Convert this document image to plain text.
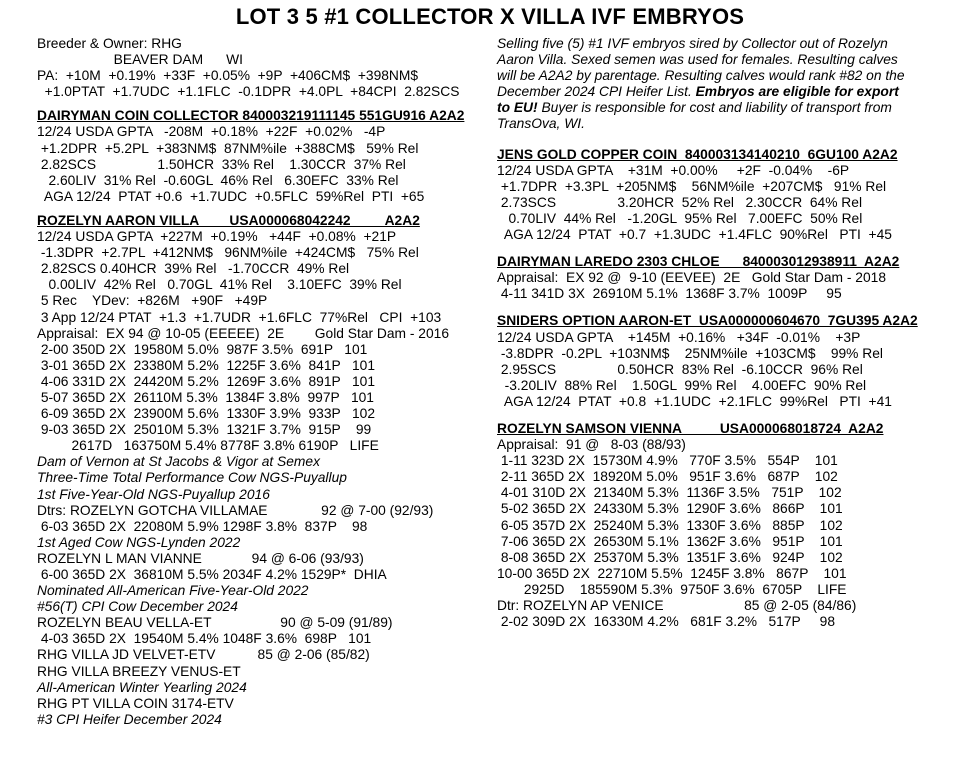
LOT 3 5 #1 COLLECTOR X VILLA IVF EMBRYOS
Breeder & Owner: RHG
BEAVER DAM      WI
PA:  +10M  +0.19%  +33F  +0.05%  +9P  +406CM$  +398NM$
+1.0PTAT  +1.7UDC  +1.1FLC  -0.1DPR  +4.0PL  +84CPI  2.82SCS
DAIRYMAN COIN COLLECTOR 840003219111145 551GU916 A2A2
12/24 USDA GPTA   -208M  +0.18%  +22F  +0.02%   -4P
+1.2DPR  +5.2PL  +383NM$  87NM%ile  +388CM$   59% Rel
2.82SCS                1.50HCR  33% Rel    1.30CCR  37% Rel
2.60LIV  31% Rel  -0.60GL  46% Rel   6.30EFC  33% Rel
AGA 12/24  PTAT +0.6  +1.7UDC  +0.5FLC  59%Rel  PTI  +65
ROZELYN AARON VILLA        USA000068042242         A2A2
12/24 USDA GPTA  +227M  +0.19%   +44F  +0.08%  +21P
-1.3DPR  +2.7PL  +412NM$   96NM%ile  +424CM$   75% Rel
2.82SCS 0.40HCR  39% Rel   -1.70CCR  49% Rel
0.00LIV  42% Rel   0.70GL  41% Rel    3.10EFC  39% Rel
5 Rec    YDev:  +826M   +90F   +49P
3 App 12/24 PTAT  +1.3  +1.7UDR  +1.6FLC  77%Rel   CPI  +103
Appraisal:  EX 94 @ 10-05 (EEEEE)  2E        Gold Star Dam - 2016
2-00 350D 2X  19580M 5.0%  987F 3.5%  691P   101
3-01 365D 2X  23380M 5.2%  1225F 3.6%  841P   101
4-06 331D 2X  24420M 5.2%  1269F 3.6%  891P   101
5-07 365D 2X  26110M 5.3%  1384F 3.8%  997P   101
6-09 365D 2X  23900M 5.6%  1330F 3.9%  933P   102
9-03 365D 2X  25010M 5.3%  1321F 3.7%  915P    99
2617D   163750M 5.4% 8778F 3.8% 6190P   LIFE
Dam of Vernon at St Jacobs & Vigor at Semex
Three-Time Total Performance Cow NGS-Puyallup
1st Five-Year-Old NGS-Puyallup 2016
Dtrs: ROZELYN GOTCHA VILLAMAE              92 @ 7-00 (92/93)
6-03 365D 2X  22080M 5.9% 1298F 3.8%  837P    98
1st Aged Cow NGS-Lynden 2022
ROZELYN L MAN VIANNE             94 @ 6-06 (93/93)
6-00 365D 2X  36810M 5.5% 2034F 4.2% 1529P*  DHIA
Nominated All-American Five-Year-Old 2022
#56(T) CPI Cow December 2024
ROZELYN BEAU VELLA-ET                  90 @ 5-09 (91/89)
4-03 365D 2X  19540M 5.4% 1048F 3.6%  698P   101
RHG VILLA JD VELVET-ETV           85 @ 2-06 (85/82)
RHG VILLA BREEZY VENUS-ET
All-American Winter Yearling 2024
RHG PT VILLA COIN 3174-ETV
#3 CPI Heifer December 2024
Selling five (5) #1 IVF embryos sired by Collector out of Rozelyn
Aaron Villa. Sexed semen was used for females. Resulting calves
will be A2A2 by parentage. Resulting calves would rank #82 on the
December 2024 CPI Heifer List. Embryos are eligible for export
to EU! Buyer is responsible for cost and liability of transport from
TransOva, WI.
JENS GOLD COPPER COIN  840003134140210  6GU100 A2A2
12/24 USDA GPTA    +31M  +0.00%     +2F  -0.04%    -6P
+1.7DPR  +3.3PL  +205NM$    56NM%ile  +207CM$   91% Rel
2.73SCS                3.20HCR  52% Rel   2.30CCR  64% Rel
0.70LIV  44% Rel   -1.20GL  95% Rel   7.00EFC  50% Rel
AGA 12/24  PTAT  +0.7  +1.3UDC  +1.4FLC  90%Rel   PTI  +45
DAIRYMAN LAREDO 2303 CHLOE      840003012938911  A2A2
Appraisal:  EX 92 @  9-10 (EEVEE)  2E   Gold Star Dam - 2018
4-11 341D 3X  26910M 5.1%  1368F 3.7%  1009P     95
SNIDERS OPTION AARON-ET  USA000000604670  7GU395 A2A2
12/24 USDA GPTA    +145M  +0.16%   +34F  -0.01%    +3P
-3.8DPR  -0.2PL  +103NM$    25NM%ile  +103CM$    99% Rel
2.95SCS                0.50HCR  83% Rel  -6.10CCR  96% Rel
-3.20LIV  88% Rel    1.50GL  99% Rel    4.00EFC  90% Rel
AGA 12/24  PTAT  +0.8  +1.1UDC  +2.1FLC  99%Rel   PTI  +41
ROZELYN SAMSON VIENNA          USA000068018724  A2A2
Appraisal:  91 @   8-03 (88/93)
1-11 323D 2X  15730M 4.9%   770F 3.5%   554P    101
2-11 365D 2X  18920M 5.0%   951F 3.6%   687P    102
4-01 310D 2X  21340M 5.3%  1136F 3.5%   751P    102
5-02 365D 2X  24330M 5.3%  1290F 3.6%   866P    101
6-05 357D 2X  25240M 5.3%  1330F 3.6%   885P    102
7-06 365D 2X  26530M 5.1%  1362F 3.6%   951P    101
8-08 365D 2X  25370M 5.3%  1351F 3.6%   924P    102
10-00 365D 2X  22710M 5.5%  1245F 3.8%   867P    101
2925D    185590M 5.3%  9750F 3.6%  6705P    LIFE
Dtr: ROZELYN AP VENICE                     85 @ 2-05 (84/86)
2-02 309D 2X  16330M 4.2%   681F 3.2%   517P     98
